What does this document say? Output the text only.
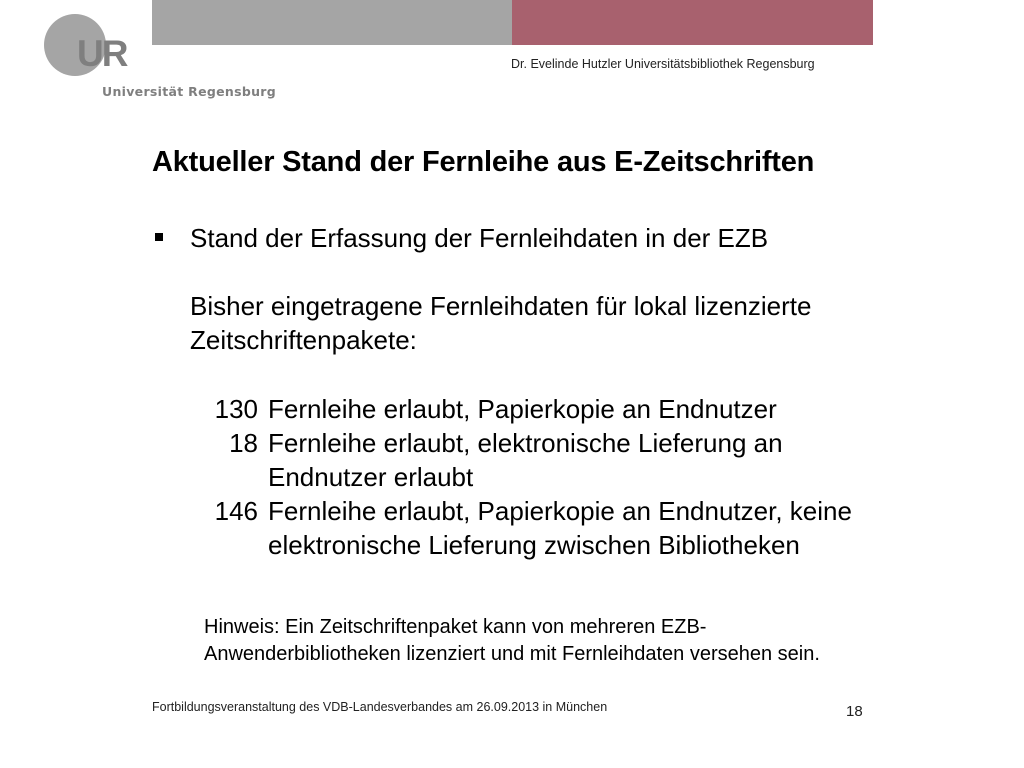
UR
Universität Regensburg
Dr. Evelinde Hutzler Universitätsbibliothek Regensburg
Aktueller Stand der Fernleihe aus E-Zeitschriften
Stand der Erfassung der Fernleihdaten in der EZB
Bisher eingetragene Fernleihdaten für lokal lizenzierte
Zeitschriftenpakete:
130 Fernleihe erlaubt, Papierkopie an Endnutzer
18 Fernleihe erlaubt, elektronische Lieferung an
Endnutzer erlaubt
146 Fernleihe erlaubt, Papierkopie an Endnutzer, keine
elektronische Lieferung zwischen Bibliotheken
Hinweis: Ein Zeitschriftenpaket kann von mehreren EZB-
Anwenderbibliotheken lizenziert und mit Fernleihdaten versehen sein.
Fortbildungsveranstaltung des VDB-Landesverbandes am 26.09.2013 in München	18
